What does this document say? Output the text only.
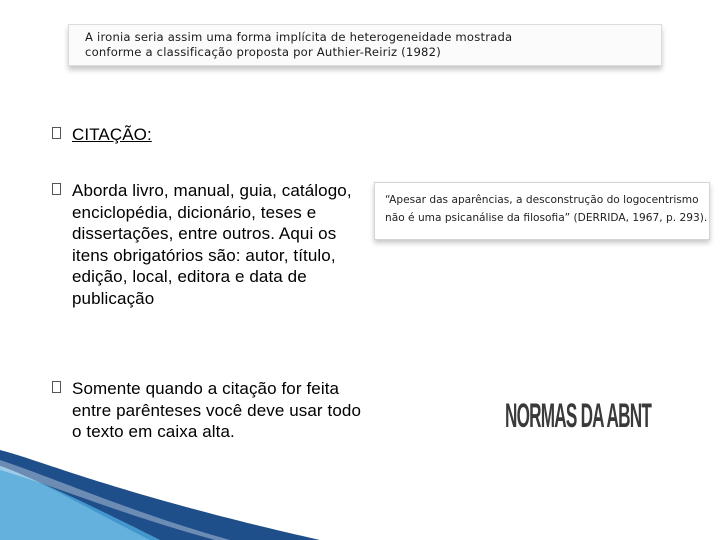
A ironia seria assim uma forma implícita de heterogeneidade mostrada
conforme a classificação proposta por Authier-Reiriz (1982)
CITAÇÃO:
Aborda livro, manual, guia, catálogo, enciclopédia, dicionário, teses e dissertações, entre outros. Aqui os itens obrigatórios são: autor, título, edição, local, editora e data de publicação
Somente quando a citação for feita entre parênteses você deve usar todo o texto em caixa alta.
“Apesar das aparências, a desconstrução do logocentrismo
não é uma psicanálise da filosofia” (DERRIDA, 1967, p. 293).
NORMAS DA ABNT
